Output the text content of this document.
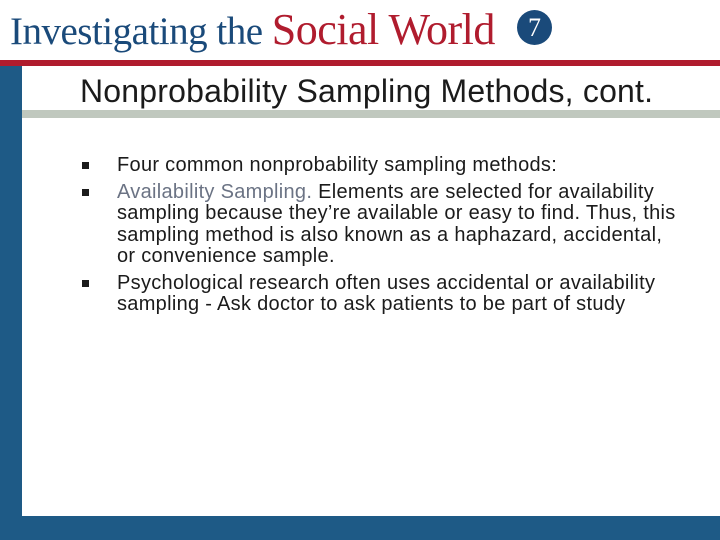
Investigating the Social World	7
Nonprobability Sampling Methods, cont.
Four common nonprobability sampling methods:
Availability Sampling. Elements are selected for availability sampling because they’re available or easy to find. Thus, this sampling method is also known as a haphazard, accidental, or convenience sample.
Psychological research often uses accidental or availability sampling - Ask doctor to ask patients to be part of study
